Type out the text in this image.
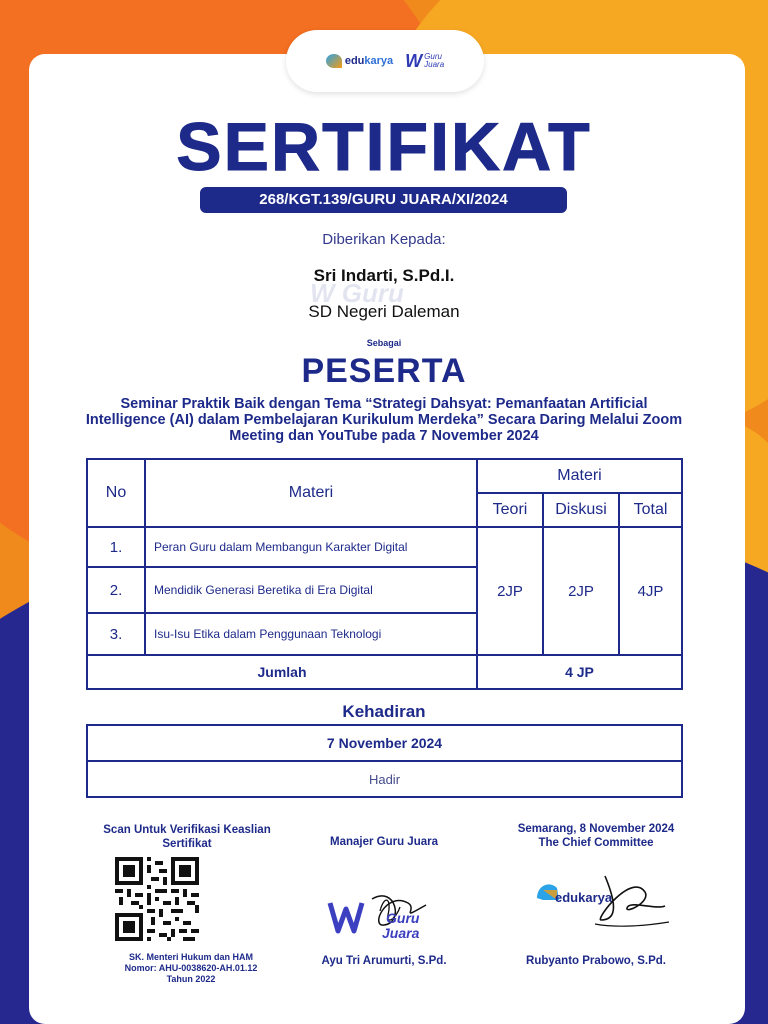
edu karya W Guru
Juara
SERTIFIKAT
268/KGT.139/GURU JUARA/XI/2024
Diberikan Kepada:
W Guru
Sri Indarti, S.Pd.I.
SD Negeri Daleman
Sebagai
PESERTA
Seminar Praktik Baik dengan Tema “Strategi Dahsyat: Pemanfaatan Artificial Intelligence (AI) dalam Pembelajaran Kurikulum Merdeka” Secara Daring Melalui Zoom Meeting dan YouTube pada 7 November 2024
No	Materi	Materi		
		Teori	Diskusi	Total
1.	Peran Guru dalam Membangun Karakter Digital	2JP	2JP	4JP
2.	Mendidik Generasi Beretika di Era Digital			
3.	Isu-Isu Etika dalam Penggunaan Teknologi			
Jumlah		4 JP		
Kehadiran
7 November 2024
Hadir
Scan Untuk Verifikasi Keaslian Sertifikat
SK. Menteri Hukum dan HAM
Nomor: AHU-0038620-AH.01.12
Tahun 2022
Manajer Guru Juara
Guru
Juara
Ayu Tri Arumurti, S.Pd.
Semarang, 8 November 2024
The Chief Committee
edukarya
Rubyanto Prabowo, S.Pd.
